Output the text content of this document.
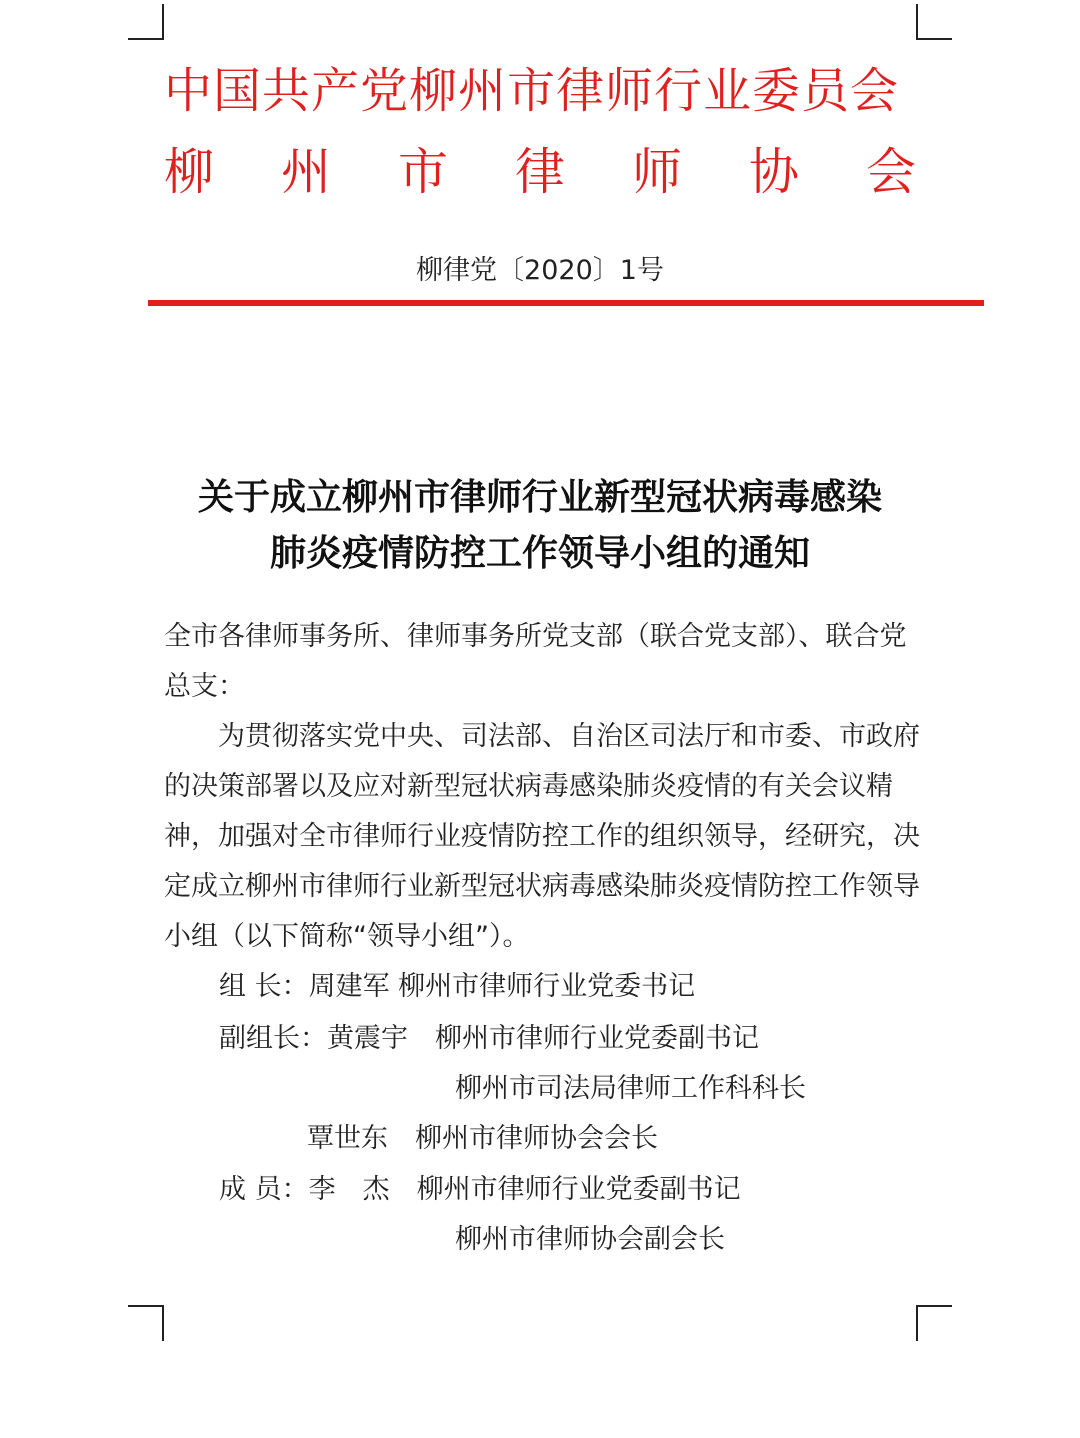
中国共产党柳州市律师行业委员会
柳 州 市 律 师 协 会
柳律党〔2020〕1号
关于成立柳州市律师行业新型冠状病毒感染
肺炎疫情防控工作领导小组的通知
全市各律师事务所、律师事务所党支部（联合党支部）、联合党总支：
为贯彻落实党中央、司法部、自治区司法厅和市委、市政府的决策部署以及应对新型冠状病毒感染肺炎疫情的有关会议精神，加强对全市律师行业疫情防控工作的组织领导，经研究，决定成立柳州市律师行业新型冠状病毒感染肺炎疫情防控工作领导小组（以下简称“领导小组”）。
组 长：周建军 柳州市律师行业党委书记
副组长：黄震宇　柳州市律师行业党委副书记
柳州市司法局律师工作科科长
覃世东　柳州市律师协会会长
成 员：李　杰　柳州市律师行业党委副书记
柳州市律师协会副会长
